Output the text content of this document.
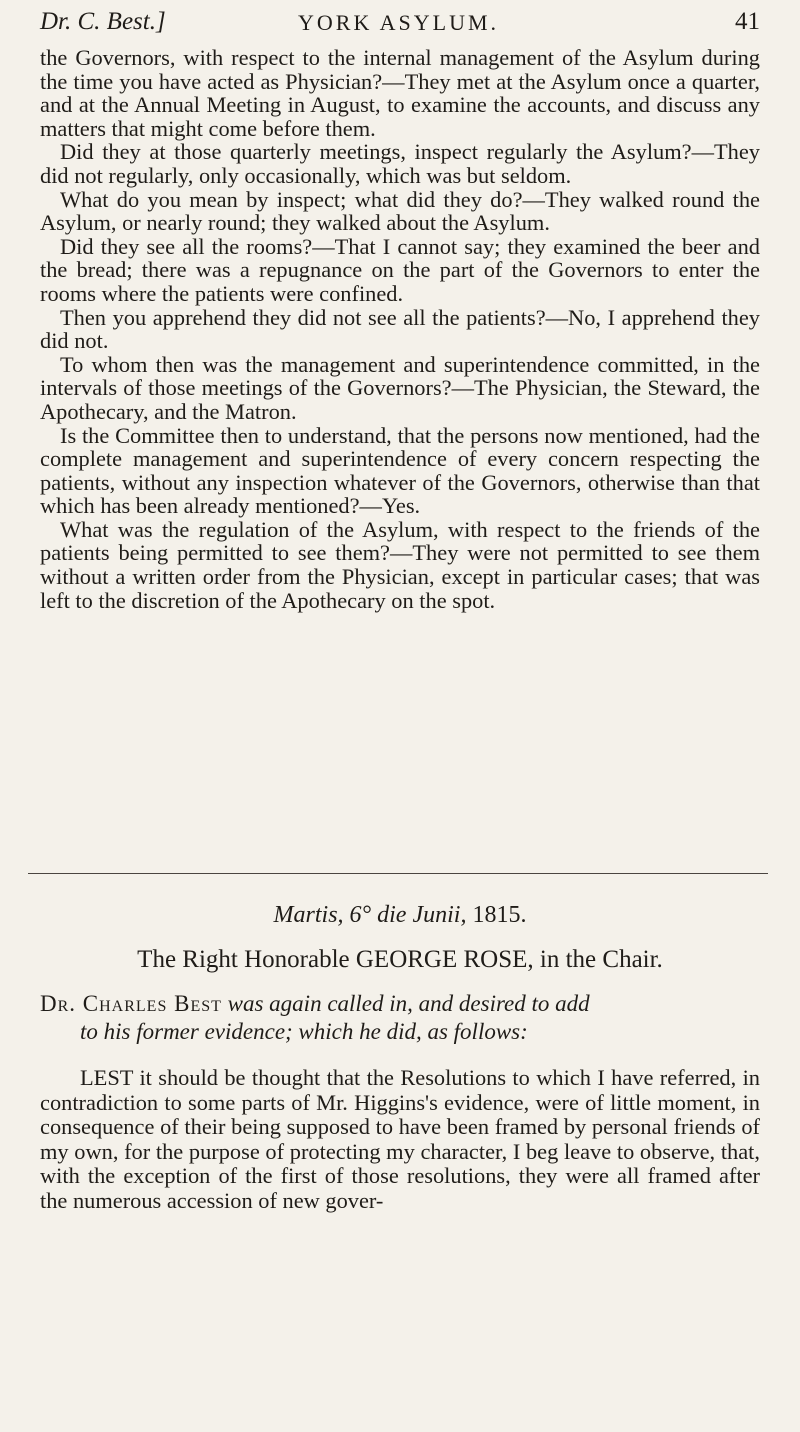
Dr. C. Best.]	YORK ASYLUM.	41

the Governors, with respect to the internal management of the Asylum during the time you have acted as Physician?—They met at the Asylum once a quarter, and at the Annual Meeting in August, to examine the accounts, and discuss any matters that might come before them.

Did they at those quarterly meetings, inspect regularly the Asylum?—They did not regularly, only occasionally, which was but seldom.

What do you mean by inspect; what did they do?—They walked round the Asylum, or nearly round; they walked about the Asylum.

Did they see all the rooms?—That I cannot say; they examined the beer and the bread; there was a repugnance on the part of the Governors to enter the rooms where the patients were confined.

Then you apprehend they did not see all the patients?—No, I apprehend they did not.

To whom then was the management and superintendence committed, in the intervals of those meetings of the Governors?—The Physician, the Steward, the Apothecary, and the Matron.

Is the Committee then to understand, that the persons now mentioned, had the complete management and superintendence of every concern respecting the patients, without any inspection whatever of the Governors, otherwise than that which has been already mentioned?—Yes.

What was the regulation of the Asylum, with respect to the friends of the patients being permitted to see them?—They were not permitted to see them without a written order from the Physician, except in particular cases; that was left to the discretion of the Apothecary on the spot.

Martis, 6° die Junii, 1815.
The Right Honorable GEORGE ROSE, in the Chair.
Dr. Charles Best was again called in, and desired to add
to his former evidence; which he did, as follows:

LEST it should be thought that the Resolutions to which I have referred, in contradiction to some parts of Mr. Higgins's evidence, were of little moment, in consequence of their being supposed to have been framed by personal friends of my own, for the purpose of protecting my character, I beg leave to observe, that, with the exception of the first of those resolutions, they were all framed after the numerous accession of new gover-
